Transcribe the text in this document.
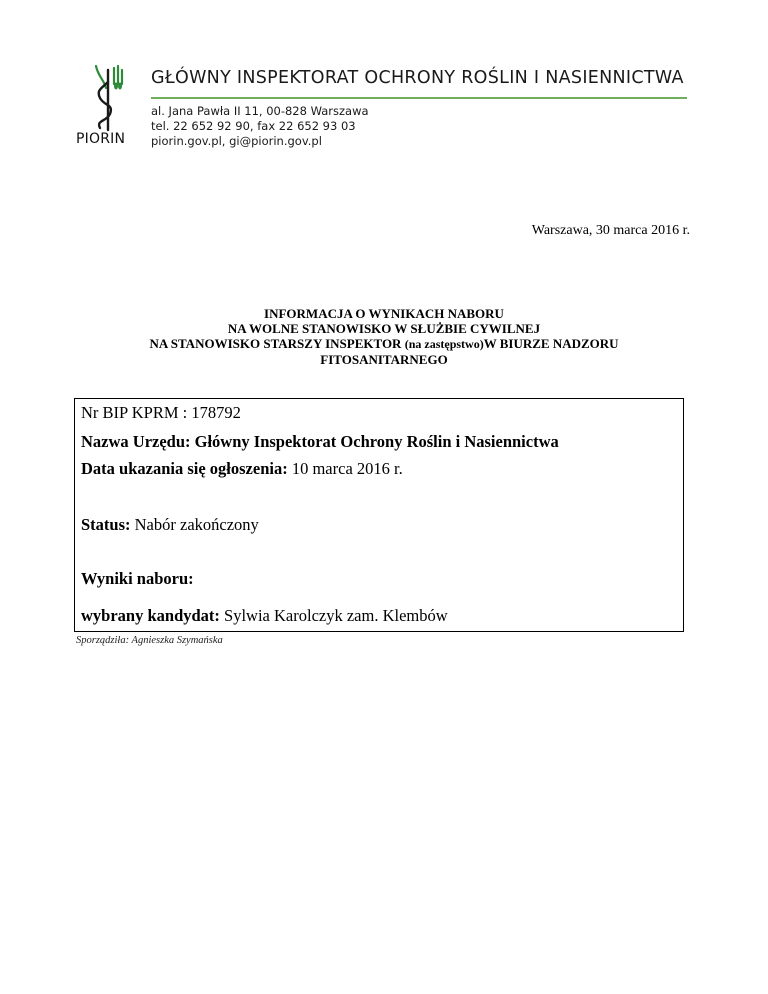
PIORIN
GŁÓWNY INSPEKTORAT OCHRONY ROŚLIN I NASIENNICTWA
al. Jana Pawła II 11, 00-828 Warszawa
tel. 22 652 92 90, fax 22 652 93 03
piorin.gov.pl, gi@piorin.gov.pl
Warszawa, 30 marca 2016 r.
INFORMACJA O WYNIKACH NABORU
NA WOLNE STANOWISKO W SŁUŻBIE CYWILNEJ
NA STANOWISKO STARSZY INSPEKTOR (na zastępstwo)W BIURZE NADZORU
FITOSANITARNEGO
Nr BIP KPRM : 178792
Nazwa Urzędu: Główny Inspektorat Ochrony Roślin i Nasiennictwa
Data ukazania się ogłoszenia: 10 marca 2016 r.
Status: Nabór zakończony
Wyniki naboru:
wybrany kandydat: Sylwia Karolczyk zam. Klembów
Sporządziła: Agnieszka Szymańska
